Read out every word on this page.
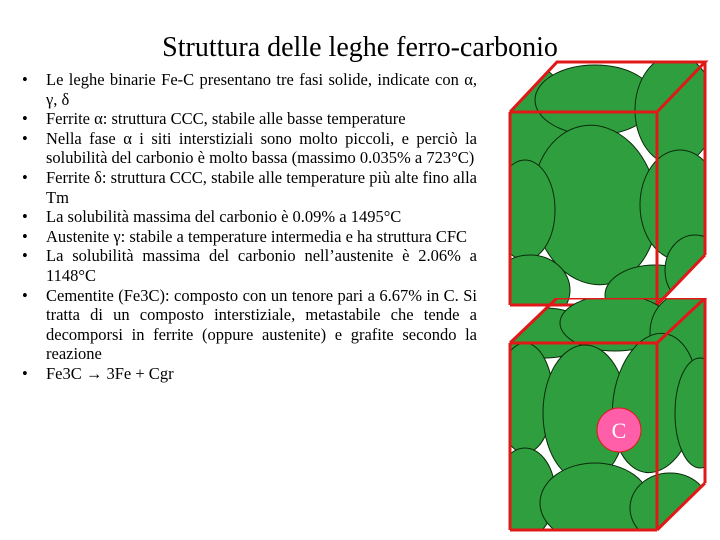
Struttura delle leghe ferro-carbonio
• Le leghe binarie Fe-C presentano tre fasi solide, indicate con α, γ, δ
• Ferrite α: struttura CCC, stabile alle basse temperature
• Nella fase α i siti interstiziali sono molto piccoli, e perciò la solubilità del carbonio è molto bassa (massimo 0.035% a 723°C)
• Ferrite δ: struttura CCC, stabile alle temperature più alte fino alla Tm
• La solubilità massima del carbonio è 0.09% a 1495°C
• Austenite γ: stabile a temperature intermedia e ha struttura CFC
• La solubilità massima del carbonio nell’austenite è 2.06% a 1148°C
• Cementite (Fe3C): composto con un tenore pari a 6.67% in C. Si tratta di un composto interstiziale, metastabile che tende a decomporsi in ferrite (oppure austenite) e grafite secondo la reazione
• Fe3C → 3Fe + Cgr
C
